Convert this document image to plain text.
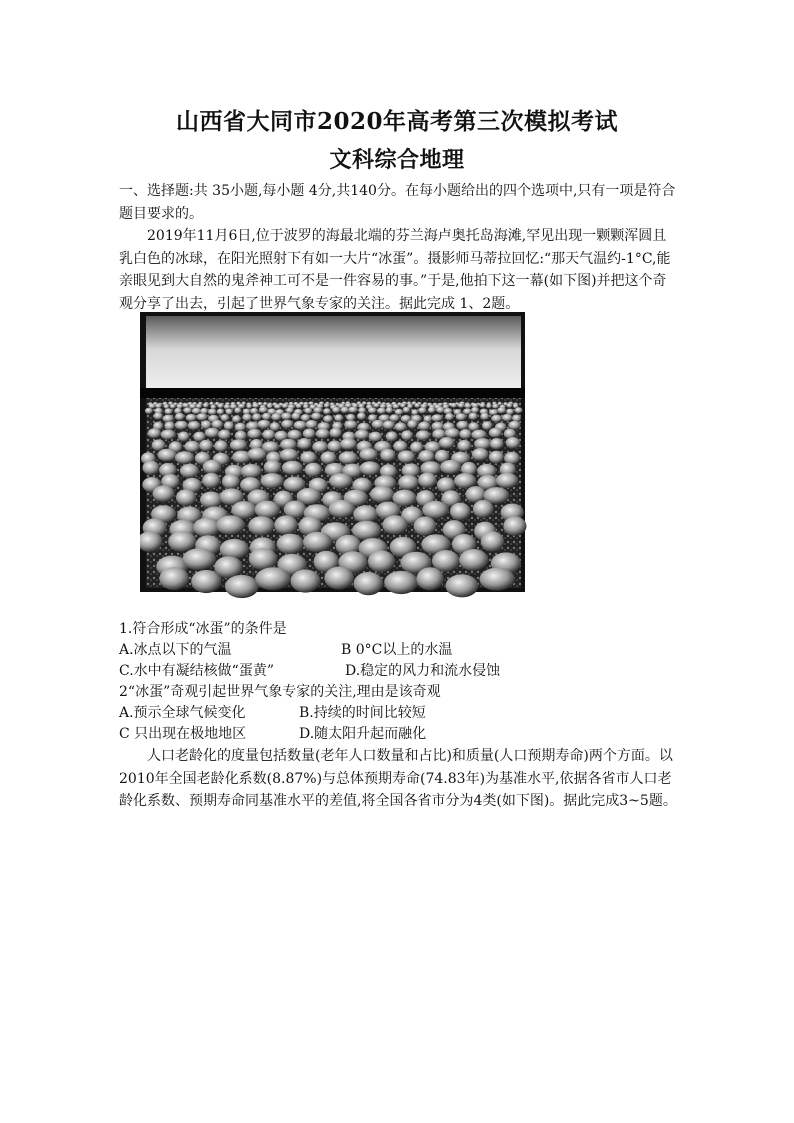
山西省大同市2020年高考第三次模拟考试
文科综合地理

一、选择题:共 35小题,每小题 4分,共140分。在每小题给出的四个选项中,只有一项是符合题目要求的。

2019年11月6日,位于波罗的海最北端的芬兰海卢奥托岛海滩,罕见出现一颗颗浑圆且乳白色的冰球，在阳光照射下有如一大片“冰蛋”。摄影师马蒂拉回忆:“那天气温约-1°C,能亲眼见到大自然的鬼斧神工可不是一件容易的事。”于是,他拍下这一幕(如下图)并把这个奇观分享了出去，引起了世界气象专家的关注。据此完成 1、2题。

1.符合形成“冰蛋”的条件是
A.冰点以下的气温	B 0°C以上的水温
C.水中有凝结核做“蛋黄”	D.稳定的风力和流水侵蚀
2“冰蛋”奇观引起世界气象专家的关注,理由是该奇观
A.预示全球气候变化	B.持续的时间比较短
C 只出现在极地地区	D.随太阳升起而融化

人口老龄化的度量包括数量(老年人口数量和占比)和质量(人口预期寿命)两个方面。以2010年全国老龄化系数(8.87%)与总体预期寿命(74.83年)为基准水平,依据各省市人口老龄化系数、预期寿命同基准水平的差值,将全国各省市分为4类(如下图)。据此完成3~5题。
